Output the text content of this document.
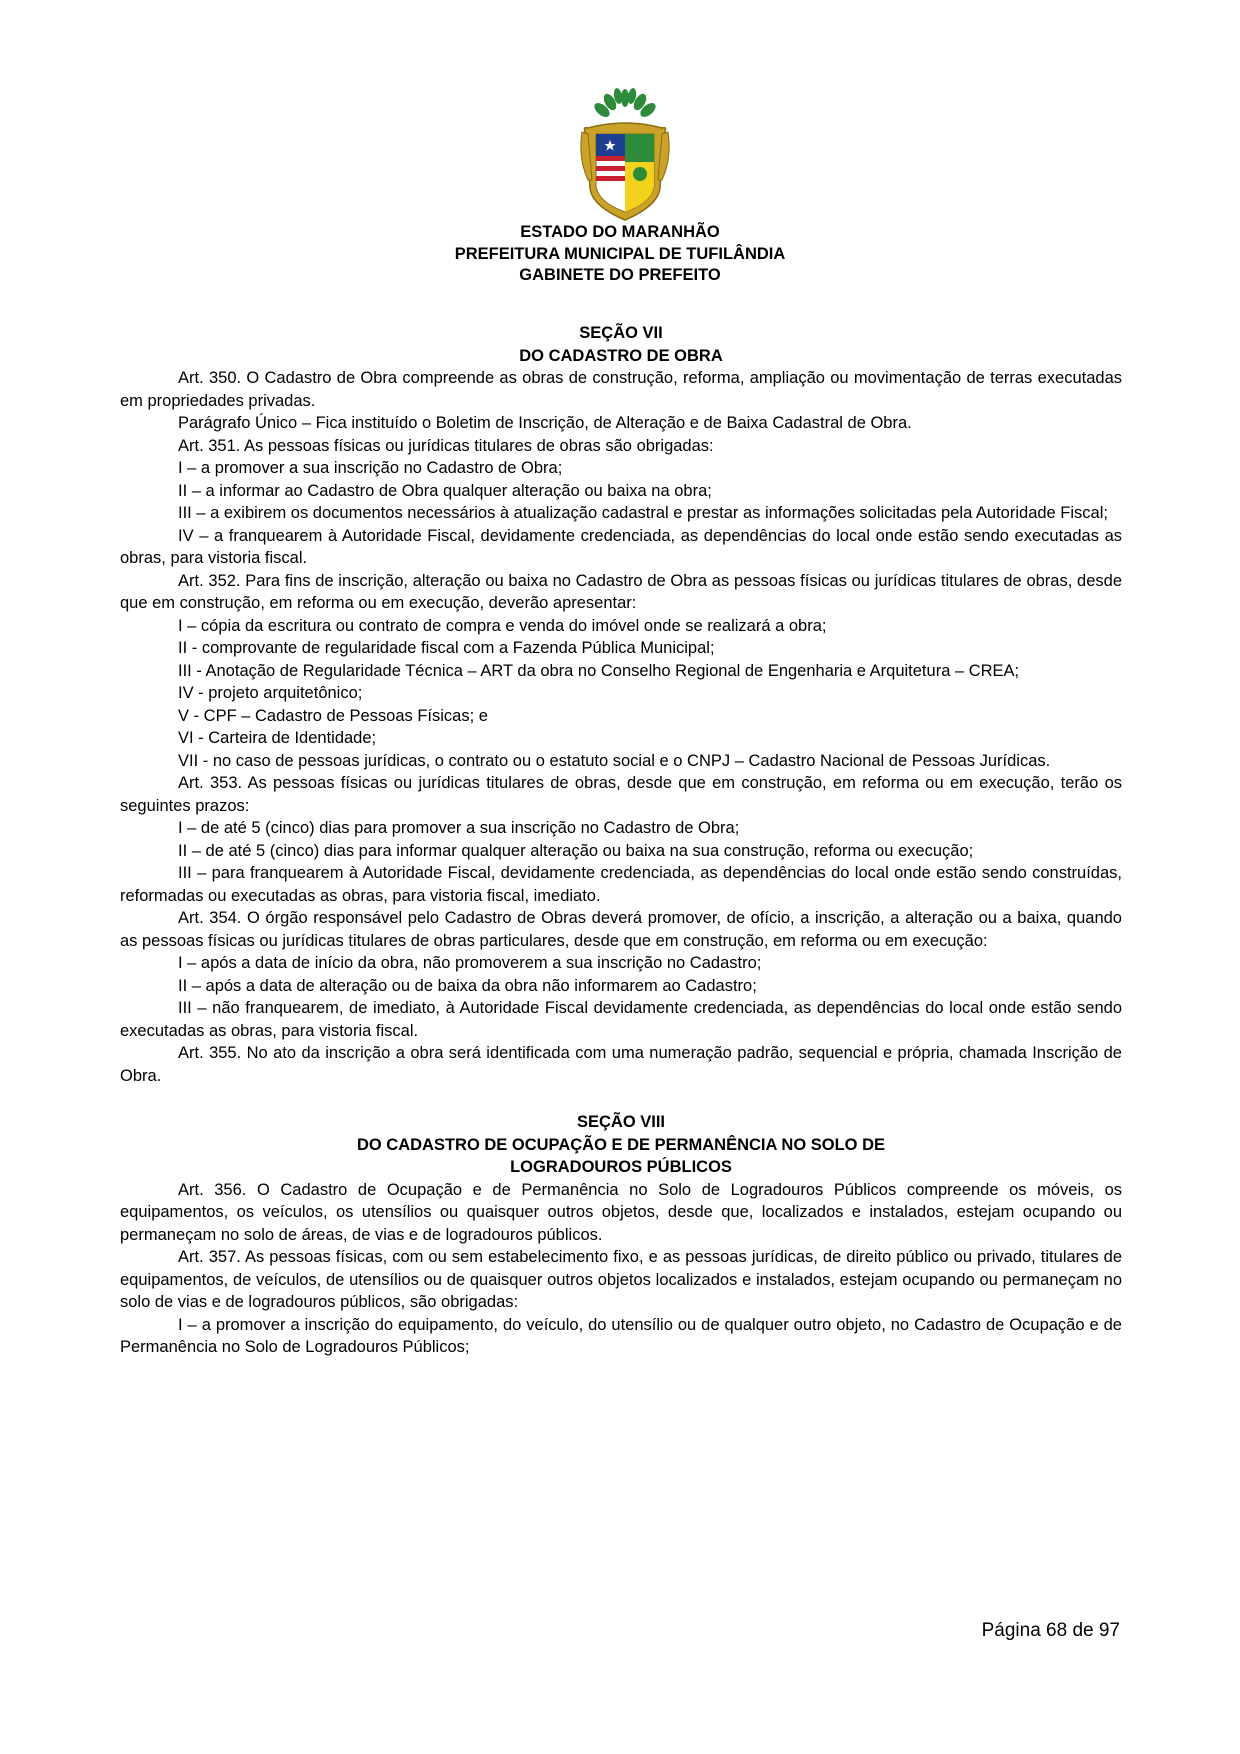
ESTADO DO MARANHÃO
PREFEITURA MUNICIPAL DE TUFILÂNDIA
GABINETE DO PREFEITO
SEÇÃO VII
DO CADASTRO DE OBRA

Art. 350. O Cadastro de Obra compreende as obras de construção, reforma, ampliação ou movimentação de terras executadas em propriedades privadas.

Parágrafo Único – Fica instituído o Boletim de Inscrição, de Alteração e de Baixa Cadastral de Obra.

Art. 351. As pessoas físicas ou jurídicas titulares de obras são obrigadas:

I – a promover a sua inscrição no Cadastro de Obra;

II – a informar ao Cadastro de Obra qualquer alteração ou baixa na obra;

III – a exibirem os documentos necessários à atualização cadastral e prestar as informações solicitadas pela Autoridade Fiscal;

IV – a franquearem à Autoridade Fiscal, devidamente credenciada, as dependências do local onde estão sendo executadas as obras, para vistoria fiscal.

Art. 352. Para fins de inscrição, alteração ou baixa no Cadastro de Obra as pessoas físicas ou jurídicas titulares de obras, desde que em construção, em reforma ou em execução, deverão apresentar:

I – cópia da escritura ou contrato de compra e venda do imóvel onde se realizará a obra;

II - comprovante de regularidade fiscal com a Fazenda Pública Municipal;

III - Anotação de Regularidade Técnica – ART da obra no Conselho Regional de Engenharia e Arquitetura – CREA;

IV - projeto arquitetônico;

V - CPF – Cadastro de Pessoas Físicas; e

VI - Carteira de Identidade;

VII - no caso de pessoas jurídicas, o contrato ou o estatuto social e o CNPJ – Cadastro Nacional de Pessoas Jurídicas.

Art. 353. As pessoas físicas ou jurídicas titulares de obras, desde que em construção, em reforma ou em execução, terão os seguintes prazos:

I – de até 5 (cinco) dias para promover a sua inscrição no Cadastro de Obra;

II – de até 5 (cinco) dias para informar qualquer alteração ou baixa na sua construção, reforma ou execução;

III – para franquearem à Autoridade Fiscal, devidamente credenciada, as dependências do local onde estão sendo construídas, reformadas ou executadas as obras, para vistoria fiscal, imediato.

Art. 354. O órgão responsável pelo Cadastro de Obras deverá promover, de ofício, a inscrição, a alteração ou a baixa, quando as pessoas físicas ou jurídicas titulares de obras particulares, desde que em construção, em reforma ou em execução:

I – após a data de início da obra, não promoverem a sua inscrição no Cadastro;

II – após a data de alteração ou de baixa da obra não informarem ao Cadastro;

III – não franquearem, de imediato, à Autoridade Fiscal devidamente credenciada, as dependências do local onde estão sendo executadas as obras, para vistoria fiscal.

Art. 355. No ato da inscrição a obra será identificada com uma numeração padrão, sequencial e própria, chamada Inscrição de Obra.

SEÇÃO VIII
DO CADASTRO DE OCUPAÇÃO E DE PERMANÊNCIA NO SOLO DE
LOGRADOUROS PÚBLICOS

Art. 356. O Cadastro de Ocupação e de Permanência no Solo de Logradouros Públicos compreende os móveis, os equipamentos, os veículos, os utensílios ou quaisquer outros objetos, desde que, localizados e instalados, estejam ocupando ou permaneçam no solo de áreas, de vias e de logradouros públicos.

Art. 357. As pessoas físicas, com ou sem estabelecimento fixo, e as pessoas jurídicas, de direito público ou privado, titulares de equipamentos, de veículos, de utensílios ou de quaisquer outros objetos localizados e instalados, estejam ocupando ou permaneçam no solo de vias e de logradouros públicos, são obrigadas:

I – a promover a inscrição do equipamento, do veículo, do utensílio ou de qualquer outro objeto, no Cadastro de Ocupação e de Permanência no Solo de Logradouros Públicos;

Página 68 de 97
